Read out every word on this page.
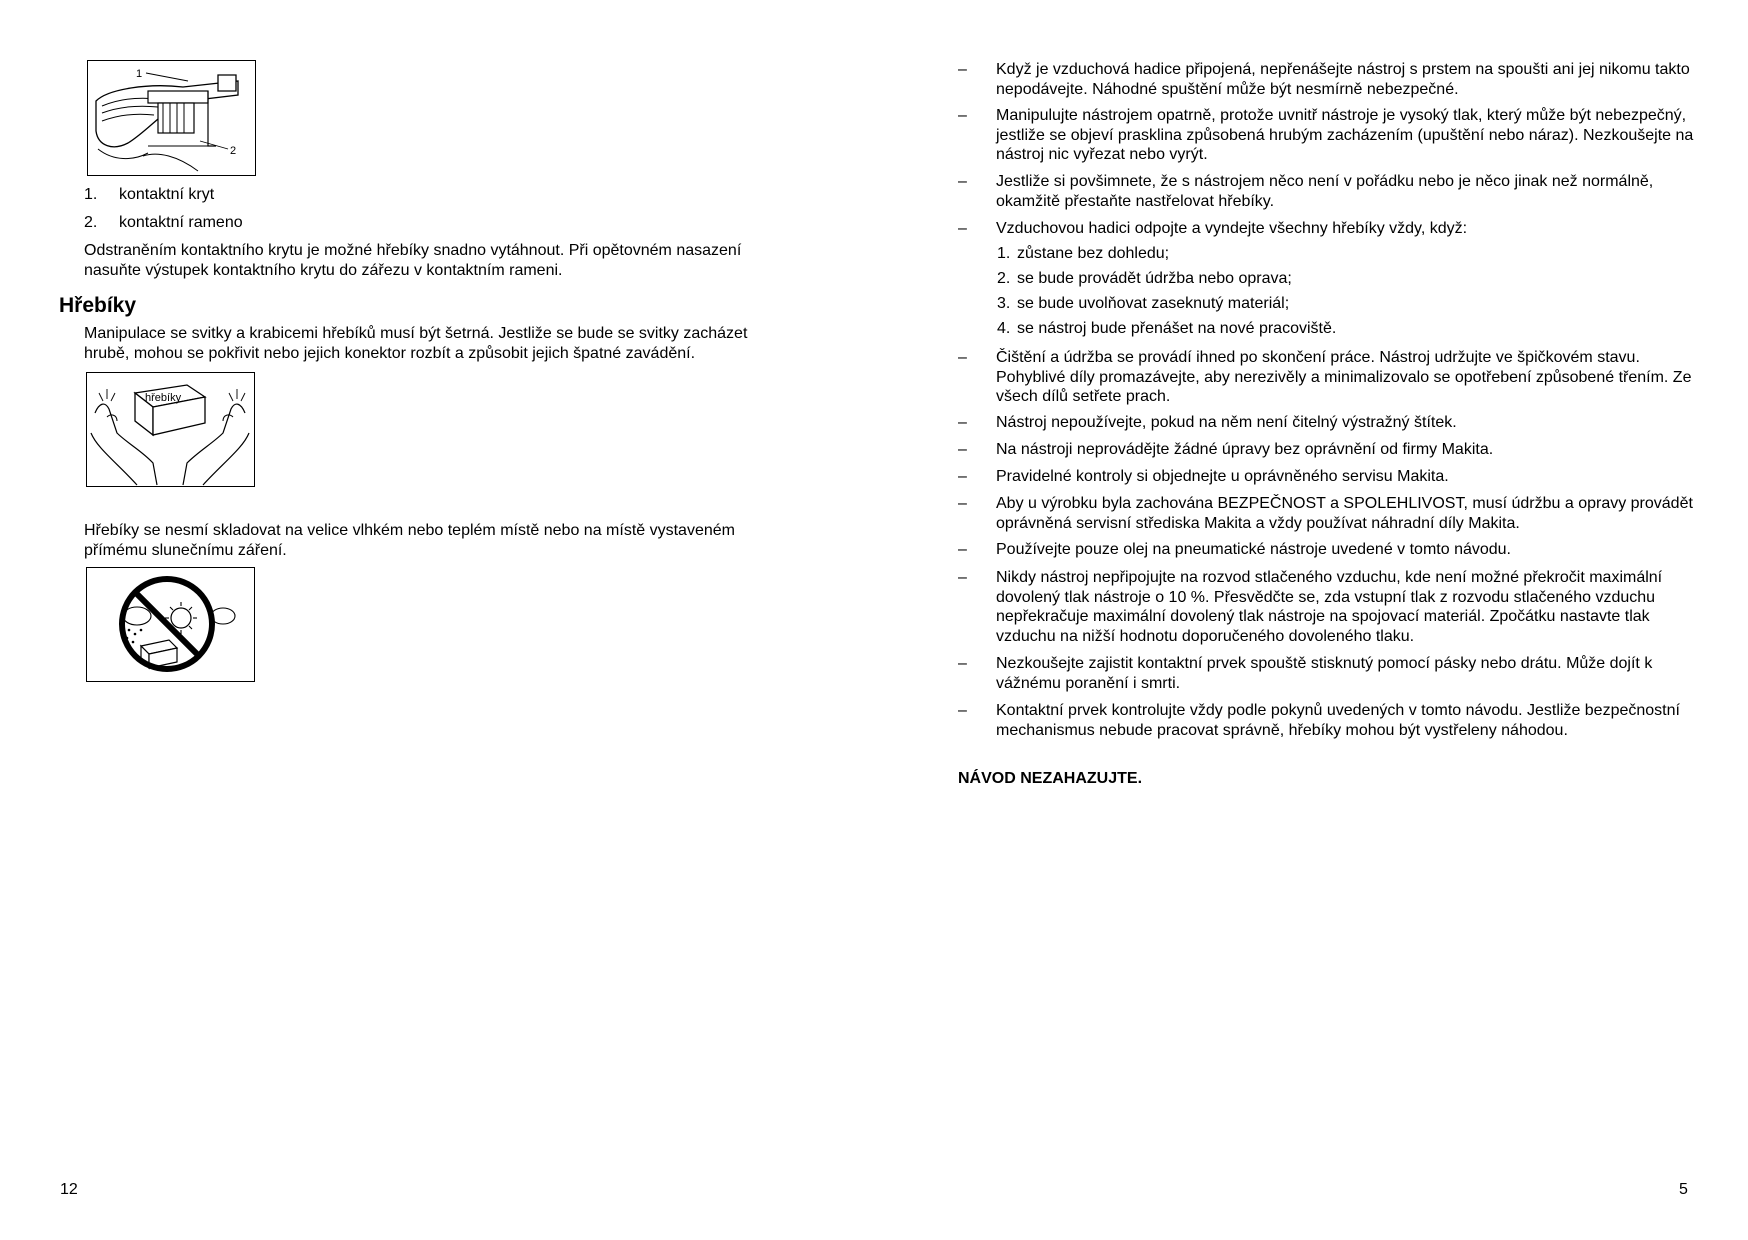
1
2
1. kontaktní kryt
2. kontaktní rameno

Odstraněním kontaktního krytu je možné hřebíky snadno vytáhnout. Při opětovném nasazení nasuňte výstupek kontaktního krytu do zářezu v kontaktním rameni.

Hřebíky

Manipulace se svitky a krabicemi hřebíků musí být šetrná. Jestliže se bude se svitky zacházet hrubě, mohou se pokřivit nebo jejich konektor rozbít a způsobit jejich špatné zavádění.

hřebíky

Hřebíky se nesmí skladovat na velice vlhkém nebo teplém místě nebo na místě vystaveném přímému slunečnímu záření.

12
– Když je vzduchová hadice připojená, nepřenášejte nástroj s prstem na spoušti ani jej nikomu takto nepodávejte. Náhodné spuštění může být nesmírně nebezpečné.
– Manipulujte nástrojem opatrně, protože uvnitř nástroje je vysoký tlak, který může být nebezpečný, jestliže se objeví prasklina způsobená hrubým zacházením (upuštění nebo náraz). Nezkoušejte na nástroj nic vyřezat nebo vyrýt.
– Jestliže si povšimnete, že s nástrojem něco není v pořádku nebo je něco jinak než normálně, okamžitě přestaňte nastřelovat hřebíky.
– Vzduchovou hadici odpojte a vyndejte všechny hřebíky vždy, když:
1. zůstane bez dohledu;
2. se bude provádět údržba nebo oprava;
3. se bude uvolňovat zaseknutý materiál;
4. se nástroj bude přenášet na nové pracoviště.
– Čištění a údržba se provádí ihned po skončení práce. Nástroj udržujte ve špičkovém stavu. Pohyblivé díly promazávejte, aby nerezivěly a minimalizovalo se opotřebení způsobené třením. Ze všech dílů setřete prach.
– Nástroj nepoužívejte, pokud na něm není čitelný výstražný štítek.
– Na nástroji neprovádějte žádné úpravy bez oprávnění od firmy Makita.
– Pravidelné kontroly si objednejte u oprávněného servisu Makita.
– Aby u výrobku byla zachována BEZPEČNOST a SPOLEHLIVOST, musí údržbu a opravy provádět oprávněná servisní střediska Makita a vždy používat náhradní díly Makita.
– Používejte pouze olej na pneumatické nástroje uvedené v tomto návodu.
– Nikdy nástroj nepřipojujte na rozvod stlačeného vzduchu, kde není možné překročit maximální dovolený tlak nástroje o 10 %. Přesvědčte se, zda vstupní tlak z rozvodu stlačeného vzduchu nepřekračuje maximální dovolený tlak nástroje na spojovací materiál. Zpočátku nastavte tlak vzduchu na nižší hodnotu doporučeného dovoleného tlaku.
– Nezkoušejte zajistit kontaktní prvek spouště stisknutý pomocí pásky nebo drátu. Může dojít k vážnému poranění i smrti.
– Kontaktní prvek kontrolujte vždy podle pokynů uvedených v tomto návodu. Jestliže bezpečnostní mechanismus nebude pracovat správně, hřebíky mohou být vystřeleny náhodou.
NÁVOD NEZAHAZUJTE.
5
